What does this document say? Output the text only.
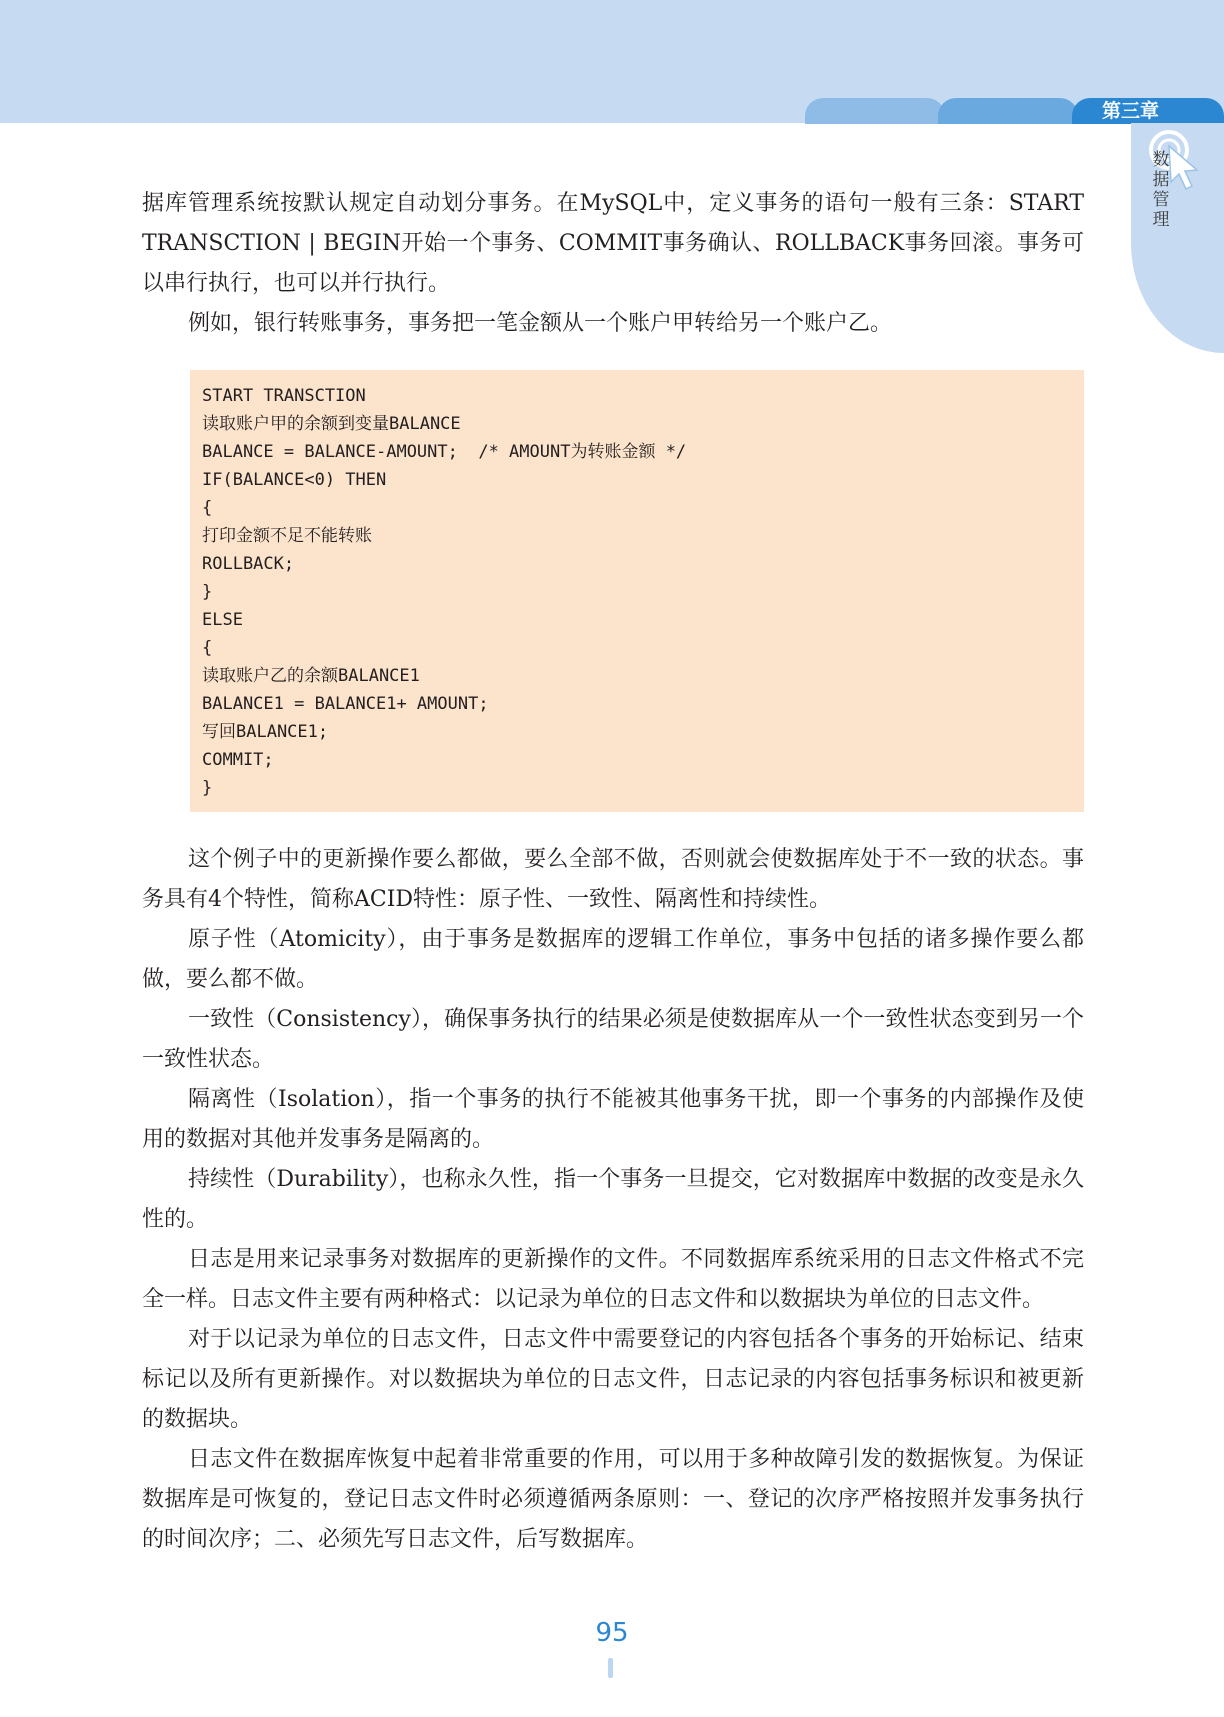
第三章
数
据
管
理

据库管理系统按默认规定自动划分事务。在MySQL中，定义事务的语句一般有三条：START TRANSCTION | BEGIN开始一个事务、COMMIT事务确认、ROLLBACK事务回滚。事务可以串行执行，也可以并行执行。

例如，银行转账事务，事务把一笔金额从一个账户甲转给另一个账户乙。

START TRANSCTION
读取账户甲的余额到变量BALANCE
BALANCE = BALANCE-AMOUNT;  /* AMOUNT为转账金额 */
IF(BALANCE<0) THEN
{
打印金额不足不能转账
ROLLBACK;
}
ELSE
{
读取账户乙的余额BALANCE1
BALANCE1 = BALANCE1+ AMOUNT;
写回BALANCE1;
COMMIT;
}

这个例子中的更新操作要么都做，要么全部不做，否则就会使数据库处于不一致的状态。事务具有4个特性，简称ACID特性：原子性、一致性、隔离性和持续性。

原子性（Atomicity），由于事务是数据库的逻辑工作单位，事务中包括的诸多操作要么都做，要么都不做。

一致性（Consistency），确保事务执行的结果必须是使数据库从一个一致性状态变到另一个一致性状态。

隔离性（Isolation），指一个事务的执行不能被其他事务干扰，即一个事务的内部操作及使用的数据对其他并发事务是隔离的。

持续性（Durability），也称永久性，指一个事务一旦提交，它对数据库中数据的改变是永久性的。

日志是用来记录事务对数据库的更新操作的文件。不同数据库系统采用的日志文件格式不完全一样。日志文件主要有两种格式：以记录为单位的日志文件和以数据块为单位的日志文件。

对于以记录为单位的日志文件，日志文件中需要登记的内容包括各个事务的开始标记、结束标记以及所有更新操作。对以数据块为单位的日志文件，日志记录的内容包括事务标识和被更新的数据块。

日志文件在数据库恢复中起着非常重要的作用，可以用于多种故障引发的数据恢复。为保证数据库是可恢复的，登记日志文件时必须遵循两条原则：一、登记的次序严格按照并发事务执行的时间次序；二、必须先写日志文件，后写数据库。

95
